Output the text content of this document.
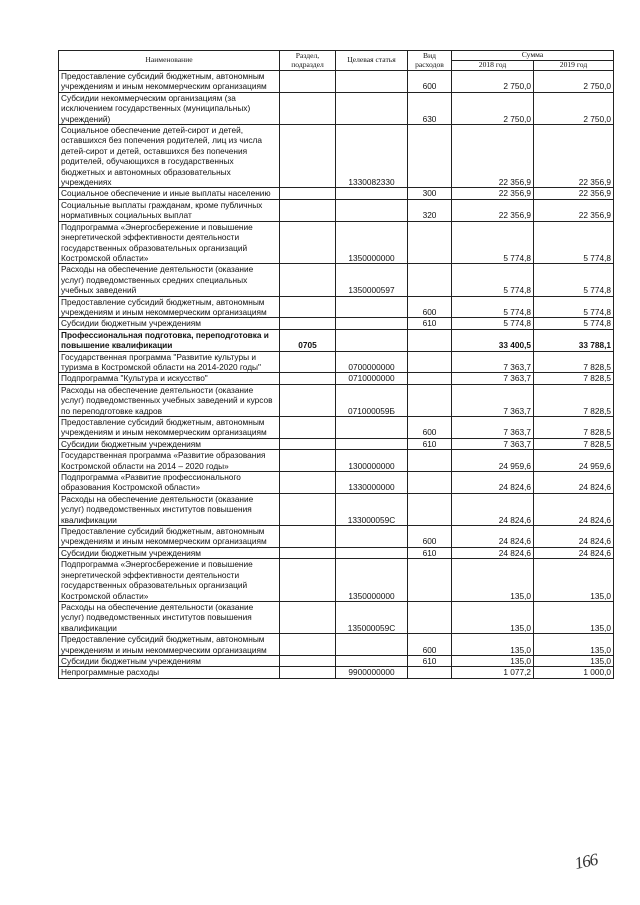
Наименование	Раздел, подраздел	Целевая статья	Вид расходов	Сумма	
				2018 год	2019 год
Предоставление субсидий бюджетным, автономным учреждениям и иным некоммерческим организациям			600	2 750,0	2 750,0
Субсидии некоммерческим организациям (за исключением государственных (муниципальных) учреждений)			630	2 750,0	2 750,0
Социальное обеспечение детей-сирот и детей, оставшихся без попечения родителей, лиц из числа детей-сирот и детей, оставшихся без попечения родителей, обучающихся в государственных бюджетных и автономных образовательных учреждениях		1330082330		22 356,9	22 356,9
Социальное обеспечение и иные выплаты населению			300	22 356,9	22 356,9
Социальные выплаты гражданам, кроме публичных нормативных социальных выплат			320	22 356,9	22 356,9
Подпрограмма «Энергосбережение и повышение энергетической эффективности деятельности государственных образовательных организаций Костромской области»		1350000000		5 774,8	5 774,8
Расходы на обеспечение деятельности (оказание услуг) подведомственных средних специальных учебных заведений		1350000597		5 774,8	5 774,8
Предоставление субсидий бюджетным, автономным учреждениям и иным некоммерческим организациям			600	5 774,8	5 774,8
Субсидии бюджетным учреждениям			610	5 774,8	5 774,8
Профессиональная подготовка, переподготовка и повышение квалификации	0705			33 400,5	33 788,1
Государственная программа "Развитие культуры и туризма в Костромской области на 2014-2020 годы"		0700000000		7 363,7	7 828,5
Подпрограмма "Культура и искусство"		0710000000		7 363,7	7 828,5
Расходы на обеспечение деятельности (оказание услуг) подведомственных учебных заведений и курсов по переподготовке кадров		071000059Б		7 363,7	7 828,5
Предоставление субсидий бюджетным, автономным учреждениям и иным некоммерческим организациям			600	7 363,7	7 828,5
Субсидии бюджетным учреждениям			610	7 363,7	7 828,5
Государственная программа «Развитие образования Костромской области на 2014 – 2020 годы»		1300000000		24 959,6	24 959,6
Подпрограмма «Развитие профессионального образования Костромской области»		1330000000		24 824,6	24 824,6
Расходы на обеспечение деятельности (оказание услуг) подведомственных институтов повышения квалификации		133000059С		24 824,6	24 824,6
Предоставление субсидий бюджетным, автономным учреждениям и иным некоммерческим организациям			600	24 824,6	24 824,6
Субсидии бюджетным учреждениям			610	24 824,6	24 824,6
Подпрограмма «Энергосбережение и повышение энергетической эффективности деятельности государственных образовательных организаций Костромской области»		1350000000		135,0	135,0
Расходы на обеспечение деятельности (оказание услуг) подведомственных институтов повышения квалификации		135000059С		135,0	135,0
Предоставление субсидий бюджетным, автономным учреждениям и иным некоммерческим организациям			600	135,0	135,0
Субсидии бюджетным учреждениям			610	135,0	135,0
Непрограммные расходы		9900000000		1 077,2	1 000,0
166
